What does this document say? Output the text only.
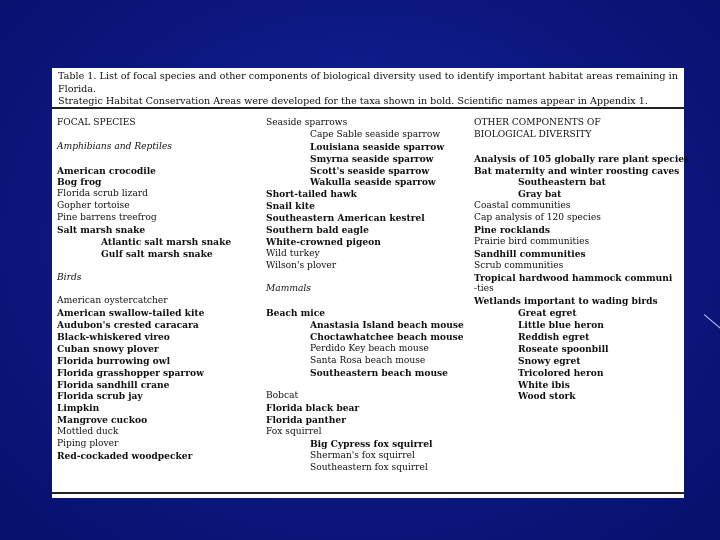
Table 1. List of focal species and other components of biological diversity used to identify important habitat areas remaining in Florida.
Strategic Habitat Conservation Areas were developed for the taxa shown in bold. Scientific names appear in Appendix 1.
FOCAL SPECIES
Amphibians and Reptiles
American crocodile
Bog frog
Florida scrub lizard
Gopher tortoise
Pine barrens treefrog
Salt marsh snake
Atlantic salt marsh snake
Gulf salt marsh snake
Birds
American oystercatcher
American swallow-tailed kite
Audubon's crested caracara
Black-whiskered vireo
Cuban snowy plover
Florida burrowing owl
Florida grasshopper sparrow
Florida sandhill crane
Florida scrub jay
Limpkin
Mangrove cuckoo
Mottled duck
Piping plover
Red-cockaded woodpecker
Seaside sparrows
Cape Sable seaside sparrow
Louisiana seaside sparrow
Smyrna seaside sparrow
Scott's seaside sparrow
Wakulla seaside sparrow
Short-tailed hawk
Snail kite
Southeastern American kestrel
Southern bald eagle
White-crowned pigeon
Wild turkey
Wilson's plover
Mammals
Beach mice
Anastasia Island beach mouse
Choctawhatchee beach mouse
Perdido Key beach mouse
Santa Rosa beach mouse
Southeastern beach mouse
Bobcat
Florida black bear
Florida panther
Fox squirrel
Big Cypress fox squirrel
Sherman's fox squirrel
Southeastern fox squirrel
OTHER COMPONENTS OF
BIOLOGICAL DIVERSITY
Analysis of 105 globally rare plant species
Bat maternity and winter roosting caves
Southeastern bat
Gray bat
Coastal communities
Cap analysis of 120 species
Pine rocklands
Prairie bird communities
Sandhill communities
Scrub communities
Tropical hardwood hammock communi
-ties
Wetlands important to wading birds
Great egret
Little blue heron
Reddish egret
Roseate spoonbill
Snowy egret
Tricolored heron
White ibis
Wood stork
